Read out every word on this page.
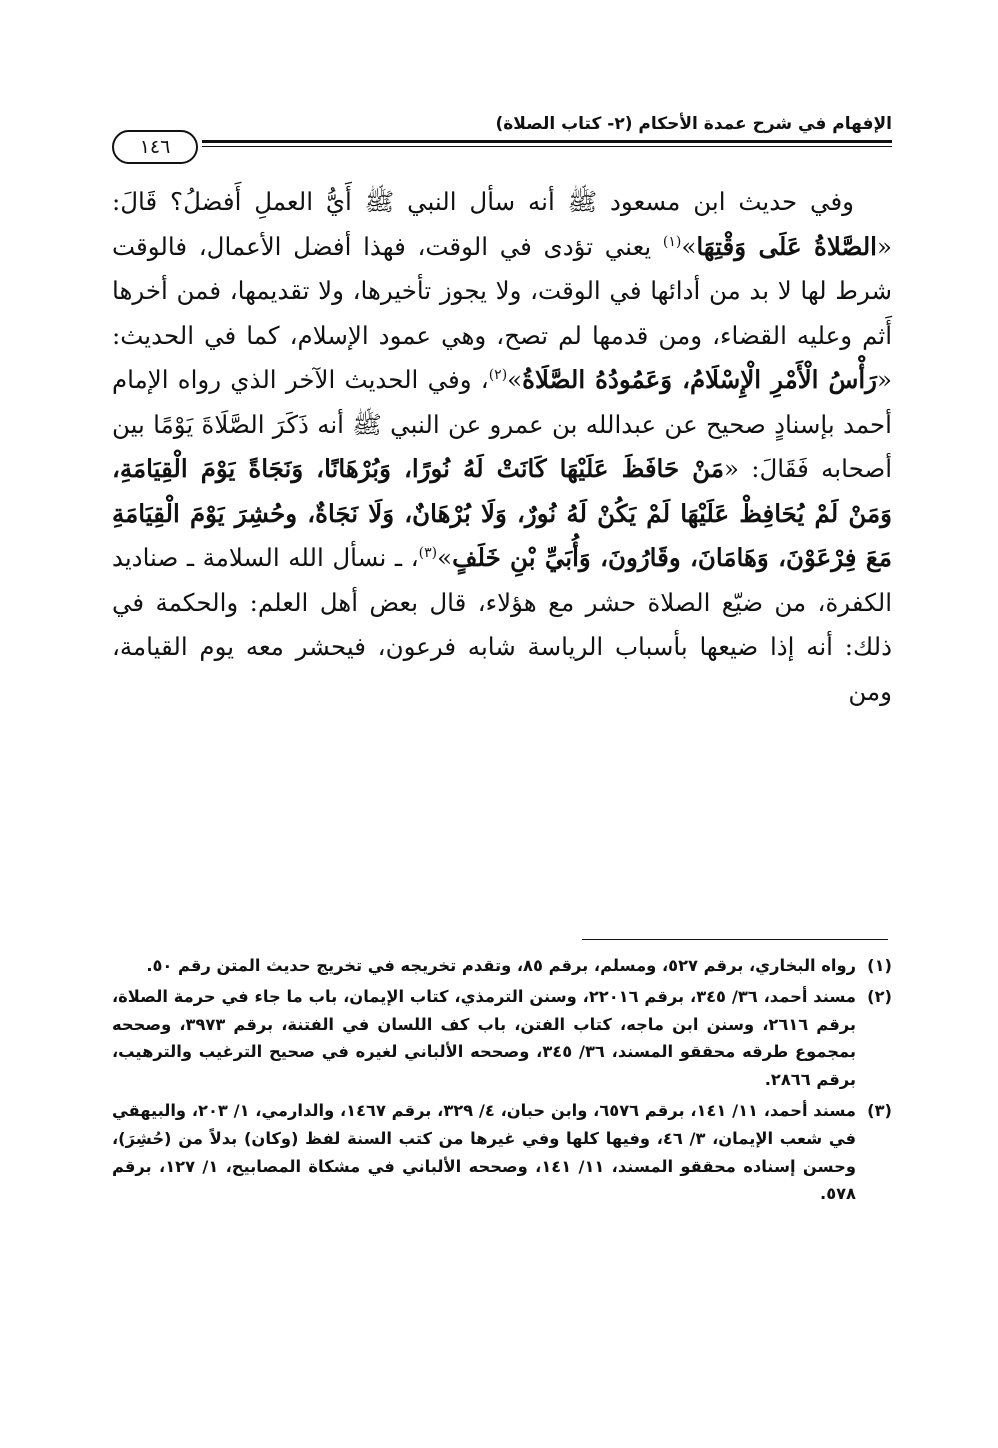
الإفهام في شرح عمدة الأحكام (٢- كتاب الصلاة)
١٤٦

وفي حديث ابن مسعود ﷺ أنه سأل النبي ﷺ أَيُّ العملِ أَفضلُ؟ قَالَ: «الصَّلاةُ عَلَى وَقْتِهَا»$^{(١)}$ يعني تؤدى في الوقت، فهذا أفضل الأعمال، فالوقت شرط لها لا بد من أدائها في الوقت، ولا يجوز تأخيرها، ولا تقديمها، فمن أخرها أَثم وعليه القضاء، ومن قدمها لم تصح، وهي عمود الإسلام، كما في الحديث: «رَأْسُ الْأَمْرِ الْإِسْلَامُ، وَعَمُودُهُ الصَّلَاةُ»$^{(٢)}$، وفي الحديث الآخر الذي رواه الإمام أحمد بإسنادٍ صحيح عن عبدالله بن عمرو عن النبي ﷺ أنه ذَكَرَ الصَّلَاةَ يَوْمًا بين أصحابه فَقَالَ: «مَنْ حَافَظَ عَلَيْهَا كَانَتْ لَهُ نُورًا، وَبُرْهَانًا، وَنَجَاةً يَوْمَ الْقِيَامَةِ، وَمَنْ لَمْ يُحَافِظْ عَلَيْهَا لَمْ يَكُنْ لَهُ نُورٌ، وَلَا بُرْهَانٌ، وَلَا نَجَاةٌ، وحُشِرَ يَوْمَ الْقِيَامَةِ مَعَ فِرْعَوْنَ، وَهَامَانَ، وقَارُونَ، وَأُبَيِّ بْنِ خَلَفٍ»$^{(٣)}$، ـ نسأل الله السلامة ـ صناديد الكفرة، من ضيّع الصلاة حشر مع هؤلاء، قال بعض أهل العلم: والحكمة في ذلك: أنه إذا ضيعها بأسباب الرياسة شابه فرعون، فيحشر معه يوم القيامة، ومن

(١)
رواه البخاري، برقم ٥٢٧، ومسلم، برقم ٨٥، وتقدم تخريجه في تخريج حديث المتن رقم ٥٠.

(٢)
مسند أحمد، ٣٦/ ٣٤٥، برقم ٢٢٠١٦، وسنن الترمذي، كتاب الإيمان، باب ما جاء في حرمة الصلاة، برقم ٢٦١٦، وسنن ابن ماجه، كتاب الفتن، باب كف اللسان في الفتنة، برقم ٣٩٧٣، وصححه بمجموع طرقه محققو المسند، ٣٦/ ٣٤٥، وصححه الألباني لغيره في صحيح الترغيب والترهيب، برقم ٢٨٦٦.

(٣)
مسند أحمد، ١١/ ١٤١، برقم ٦٥٧٦، وابن حبان، ٤/ ٣٢٩، برقم ١٤٦٧، والدارمي، ١/ ٢٠٣، والبيهقي في شعب الإيمان، ٣/ ٤٦، وفيها كلها وفي غيرها من كتب السنة لفظ (وكان) بدلاً من (حُشِرَ)، وحسن إسناده محققو المسند، ١١/ ١٤١، وصححه الألباني في مشكاة المصابيح، ١/ ١٢٧، برقم ٥٧٨.
